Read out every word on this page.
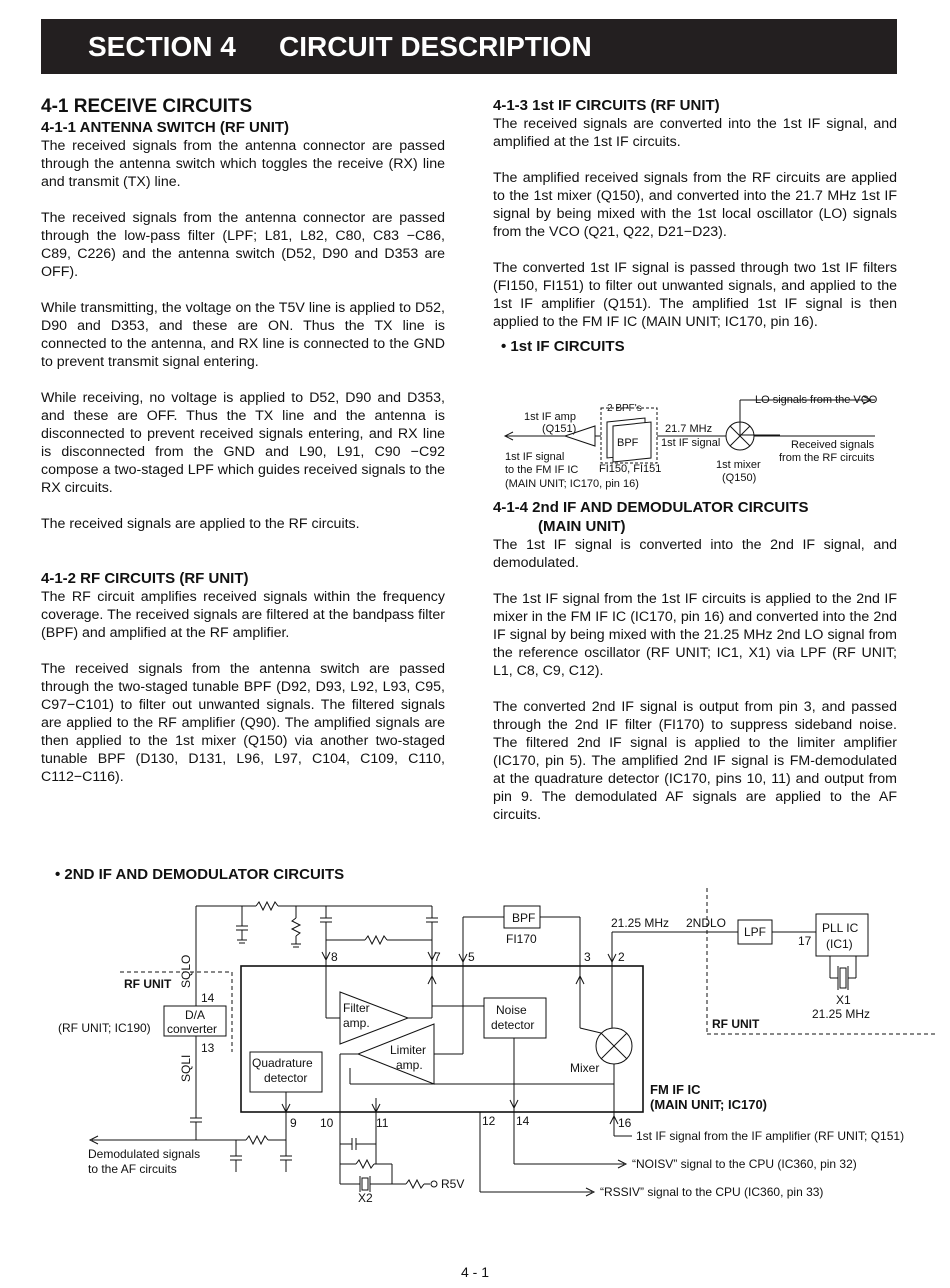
SECTION 4 CIRCUIT DESCRIPTION
4-1 RECEIVE CIRCUITS
4-1-1 ANTENNA SWITCH (RF UNIT)

The received signals from the antenna connector are passed through the antenna switch which toggles the receive (RX) line and transmit (TX) line.

The received signals from the antenna connector are passed through the low-pass filter (LPF; L81, L82, C80, C83 −C86, C89, C226) and the antenna switch (D52, D90 and D353 are OFF).

While transmitting, the voltage on the T5V line is applied to D52, D90 and D353, and these are ON. Thus the TX line is connected to the antenna, and RX line is connected to the GND to prevent transmit signal entering.

While receiving, no voltage is applied to D52, D90 and D353, and these are OFF. Thus the TX line and the antenna is disconnected to prevent received signals entering, and RX line is disconnected from the GND and L90, L91, C90 −C92 compose a two-staged LPF which guides received signals to the RX circuits.

The received signals are applied to the RF circuits.

4-1-2 RF CIRCUITS (RF UNIT)

The RF circuit amplifies received signals within the frequency coverage. The received signals are filtered at the bandpass filter (BPF) and amplified at the RF amplifier.

The received signals from the antenna switch are passed through the two-staged tunable BPF (D92, D93, L92, L93, C95, C97−C101) to filter out unwanted signals. The filtered signals are applied to the RF amplifier (Q90). The amplified signals are then applied to the 1st mixer (Q150) via another two-staged tunable BPF (D130, D131, L96, L97, C104, C109, C110, C112−C116).

4-1-3 1st IF CIRCUITS (RF UNIT)

The received signals are converted into the 1st IF signal, and amplified at the 1st IF circuits.

The amplified received signals from the RF circuits are applied to the 1st mixer (Q150), and converted into the 21.7 MHz 1st IF signal by being mixed with the 1st local oscillator (LO) signals from the VCO (Q21, Q22, D21−D23).

The converted 1st IF signal is passed through two 1st IF filters (FI150, FI151) to filter out unwanted signals, and applied to the 1st IF amplifier (Q151). The amplified 1st IF signal is then applied to the FM IF IC (MAIN UNIT; IC170, pin 16).

• 1st IF CIRCUITS
4-1-4 2nd IF AND DEMODULATOR CIRCUITS
(MAIN UNIT)

The 1st IF signal is converted into the 2nd IF signal, and demodulated.

The 1st IF signal from the 1st IF circuits is applied to the 2nd IF mixer in the FM IF IC (IC170, pin 16) and converted into the 2nd IF signal by being mixed with the 21.25 MHz 2nd LO signal from the reference oscillator (RF UNIT; IC1, X1) via LPF (RF UNIT; L1, C8, C9, C12).

The converted 2nd IF signal is output from pin 3, and passed through the 2nd IF filter (FI170) to suppress sideband noise. The filtered 2nd IF signal is applied to the limiter amplifier (IC170, pin 5). The amplified 2nd IF signal is FM-demodulated at the quadrature detector (IC170, pins 10, 11) and output from pin 9. The demodulated AF signals are applied to the AF circuits.

LO signals from the VCO
2 BPF's
1st IF amp
(Q151)
BPF
21.7 MHz
1st IF signal	Received signals
from the RF circuits
1st IF signal
to the FM IF IC
(MAIN UNIT; IC170, pin 16)
FI150, FI151	1st mixer
(Q150)
• 2ND IF AND DEMODULATOR CIRCUITS
BPF
FI170
21.25 MHz 2NDLO
LPF	PLL IC
(IC1)
17
X1
21.25 MHz
RF UNIT
RF UNIT SQLO
SQLI
14
13
D/A
converter
(RF UNIT; IC190)
8	7 5	3 2
Filter
amp.
Noise
detector
Limiter
amp.
Quadrature
detector
Mixer
FM IF IC
(MAIN UNIT; IC170)
9 10	11	12 14	16
1st IF signal from the IF amplifier (RF UNIT; Q151)
Demodulated signals
to the AF circuits
X2
R5V
“NOISV” signal to the CPU (IC360, pin 32)
“RSSIV” signal to the CPU (IC360, pin 33)
4 - 1
